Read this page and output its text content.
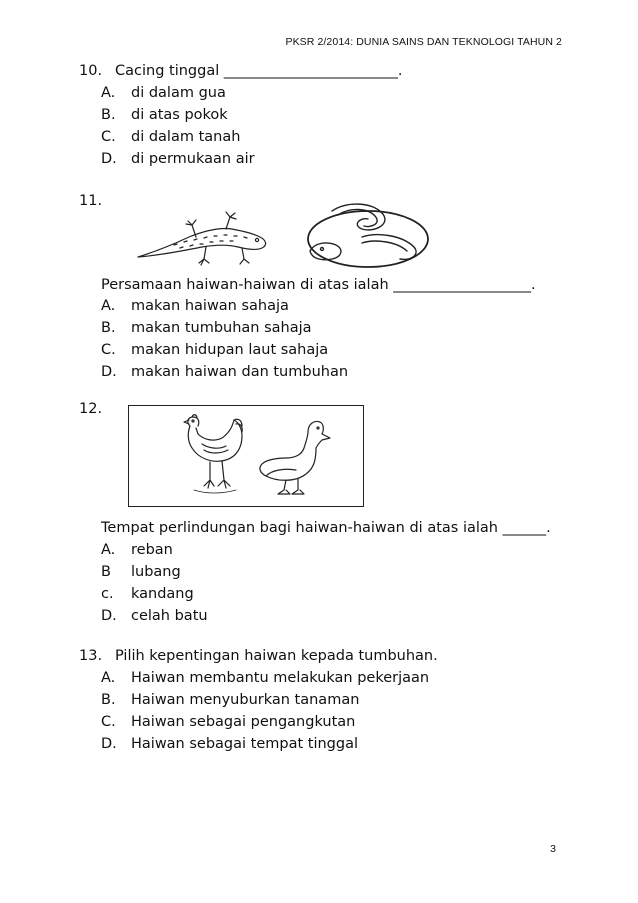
PKSR 2/2014: DUNIA SAINS DAN TEKNOLOGI TAHUN 2
10. Cacing tinggal ________________________.
A. di dalam gua
B. di atas pokok
C. di dalam tanah
D. di permukaan air
11.
Persamaan haiwan-haiwan di atas ialah ___________________.
A. makan haiwan sahaja
B. makan tumbuhan sahaja
C. makan hidupan laut sahaja
D. makan haiwan dan tumbuhan
12.
Tempat perlindungan bagi haiwan-haiwan di atas ialah ______.
A. reban
B lubang
c. kandang
D. celah batu
13. Pilih kepentingan haiwan kepada tumbuhan.
A. Haiwan membantu melakukan pekerjaan
B. Haiwan menyuburkan tanaman
C. Haiwan sebagai pengangkutan
D. Haiwan sebagai tempat tinggal
3
